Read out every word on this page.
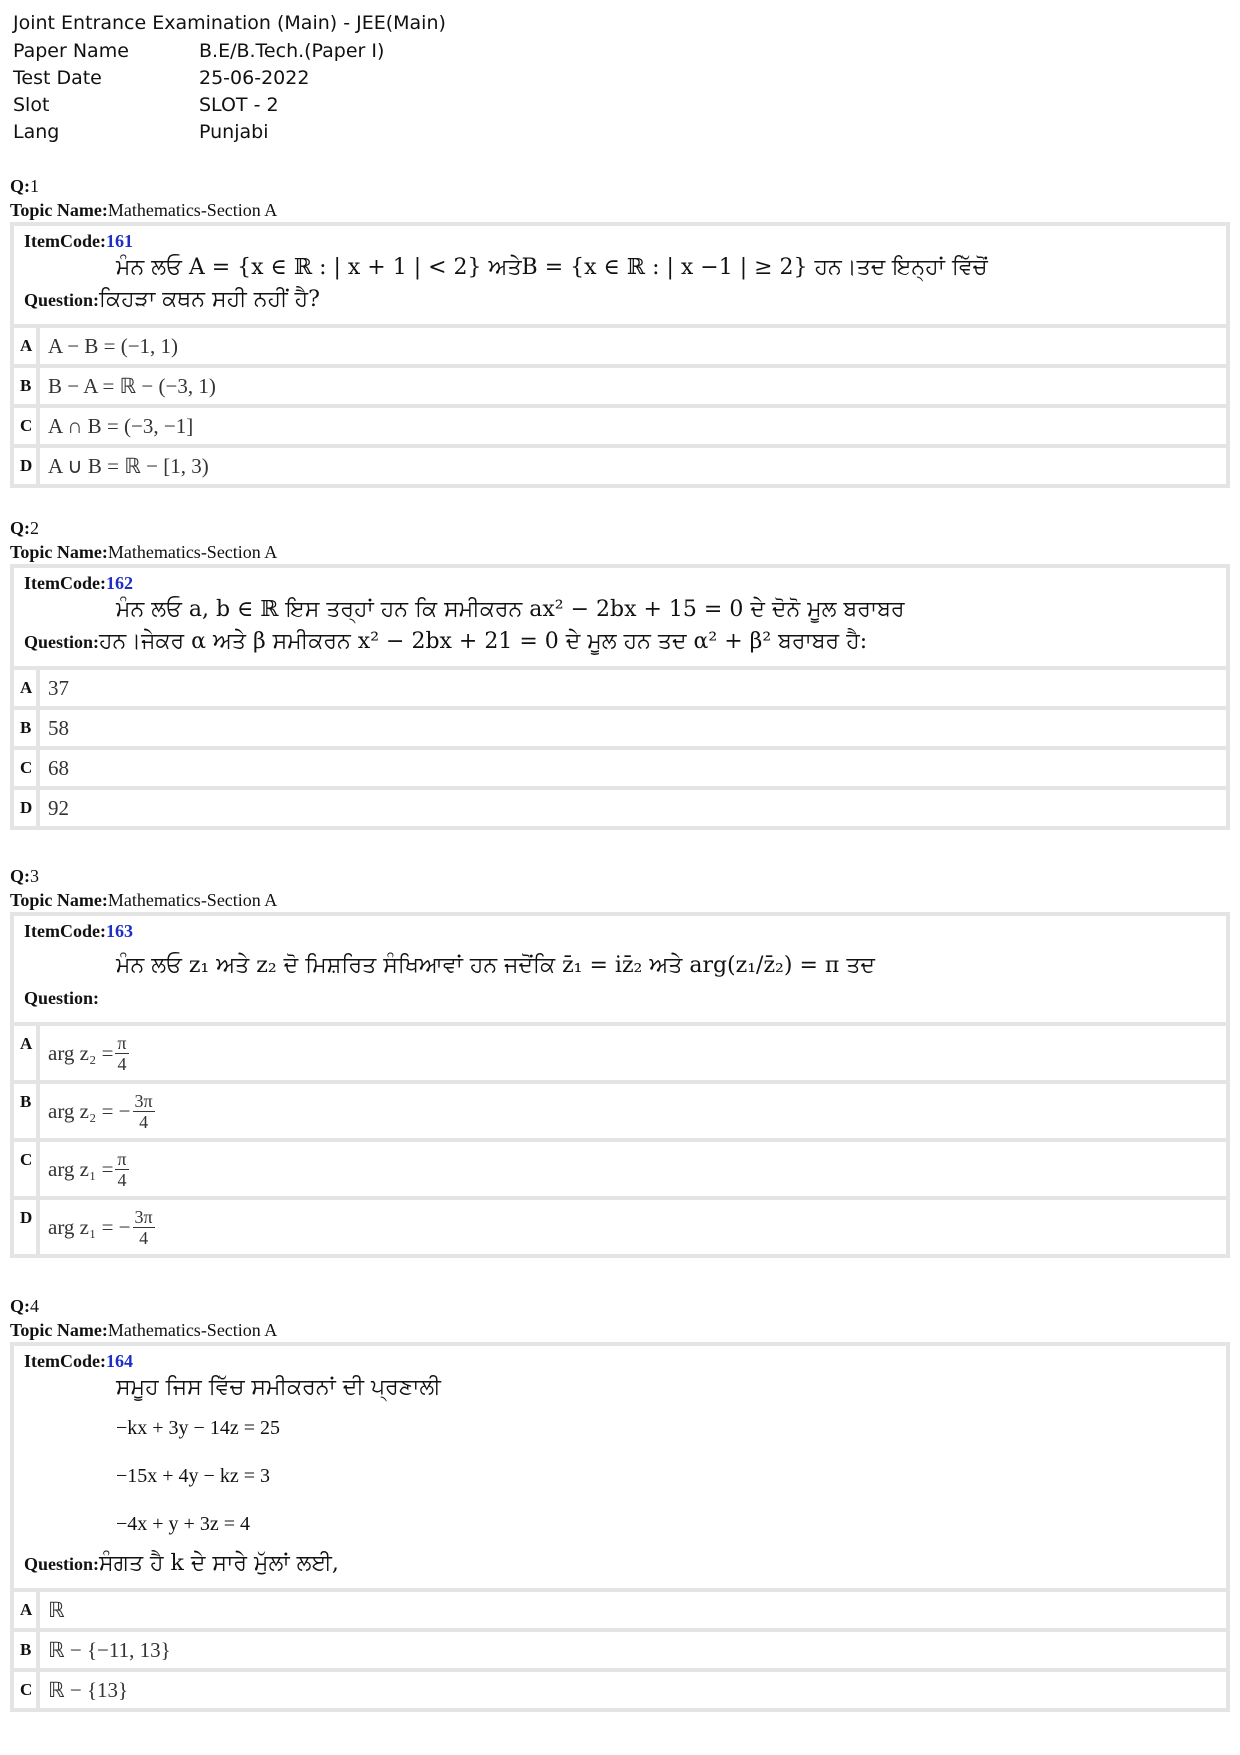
Joint Entrance Examination (Main) - JEE(Main)
Paper Name	B.E/B.Tech.(Paper I)
Test Date	25-06-2022
Slot	SLOT - 2
Lang	Punjabi
Q:1
Topic Name:Mathematics-Section A
ItemCode:161
ਮੰਨ ਲਓ A = {x ∈ ℝ : | x + 1 | < 2} ਅਤੇB = {x ∈ ℝ : | x −1 | ≥ 2} ਹਨ।ਤਦ ਇਨ੍ਹਾਂ ਵਿੱਚੋਂ
Question: ਕਿਹੜਾ ਕਥਨ ਸਹੀ ਨਹੀਂ ਹੈ?
A A − B = (−1, 1)
B B − A = ℝ − (−3, 1)
C A ∩ B = (−3, −1]
D A ∪ B = ℝ − [1, 3)
Q:2
Topic Name:Mathematics-Section A
ItemCode:162
ਮੰਨ ਲਓ a, b ∈ ℝ ਇਸ ਤਰ੍ਹਾਂ ਹਨ ਕਿ ਸਮੀਕਰਨ ax² − 2bx + 15 = 0 ਦੇ ਦੋਨੋ ਮੂਲ ਬਰਾਬਰ
Question: ਹਨ।ਜੇਕਰ α ਅਤੇ β ਸਮੀਕਰਨ x² − 2bx + 21 = 0 ਦੇ ਮੂਲ ਹਨ ਤਦ α² + β² ਬਰਾਬਰ ਹੈ:
A 37
B 58
C 68
D 92
Q:3
Topic Name:Mathematics-Section A
ItemCode:163
ਮੰਨ ਲਓ z₁ ਅਤੇ z₂ ਦੋ ਮਿਸ਼ਰਿਤ ਸੰਖਿਆਵਾਂ ਹਨ ਜਦੋਂਕਿ z̄₁ = iz̄₂ ਅਤੇ arg(z₁/z̄₂) = π ਤਦ
Question:
A arg $z_2 = \frac{\pi}{4}$
B arg z₂ = − $\frac{3\pi}{4}$
C arg $z_1 = \frac{\pi}{4}$
D arg z₁ = − $\frac{3\pi}{4}$
Q:4
Topic Name:Mathematics-Section A
ItemCode:164
ਸਮੂਹ ਜਿਸ ਵਿੱਚ ਸਮੀਕਰਨਾਂ ਦੀ ਪ੍ਰਣਾਲੀ
−kx + 3y − 14z = 25
−15x + 4y − kz = 3
−4x + y + 3z = 4
Question: ਸੰਗਤ ਹੈ k ਦੇ ਸਾਰੇ ਮੁੱਲਾਂ ਲਈ,
A ℝ
B ℝ − {−11, 13}
C ℝ − {13}
